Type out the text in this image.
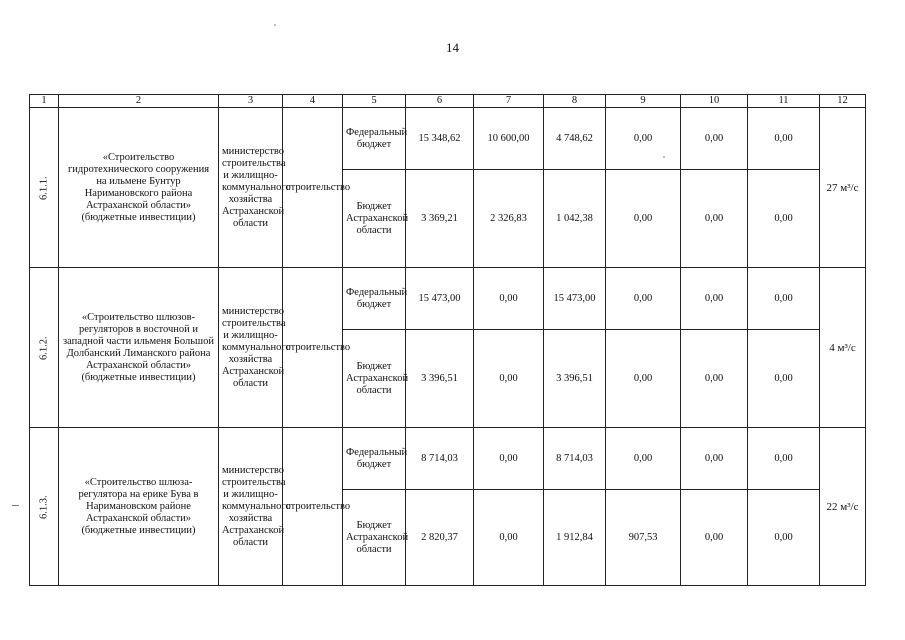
14
1	2	3	4	5	6	7	8	9	10	11	12
6.1.1.	«Строительство гидротехнического сооружения на ильмене Бунтур Наримановского района Астраханской области» (бюджетные инвестиции)	министерство строительства и жилищно-коммунального хозяйства Астраханской области	строительство	Федеральный бюджет	15 348,62	10 600,00	4 748,62	0,00	0,00	0,00	27 м³/с
				Бюджет Астраханской области	3 369,21	2 326,83	1 042,38	0,00	0,00	0,00	
6.1.2.	«Строительство шлюзов-регуляторов в восточной и западной части ильменя Большой Долбанский Лиманского района Астраханской области» (бюджетные инвестиции)	министерство строительства и жилищно-коммунального хозяйства Астраханской области	строительство	Федеральный бюджет	15 473,00	0,00	15 473,00	0,00	0,00	0,00	4 м³/с
				Бюджет Астраханской области	3 396,51	0,00	3 396,51	0,00	0,00	0,00	
6.1.3.	«Строительство шлюза-регулятора на ерике Бува в Наримановском районе Астраханской области» (бюджетные инвестиции)	министерство строительства и жилищно-коммунального хозяйства Астраханской области	строительство	Федеральный бюджет	8 714,03	0,00	8 714,03	0,00	0,00	0,00	22 м³/с
				Бюджет Астраханской области	2 820,37	0,00	1 912,84	907,53	0,00	0,00	
